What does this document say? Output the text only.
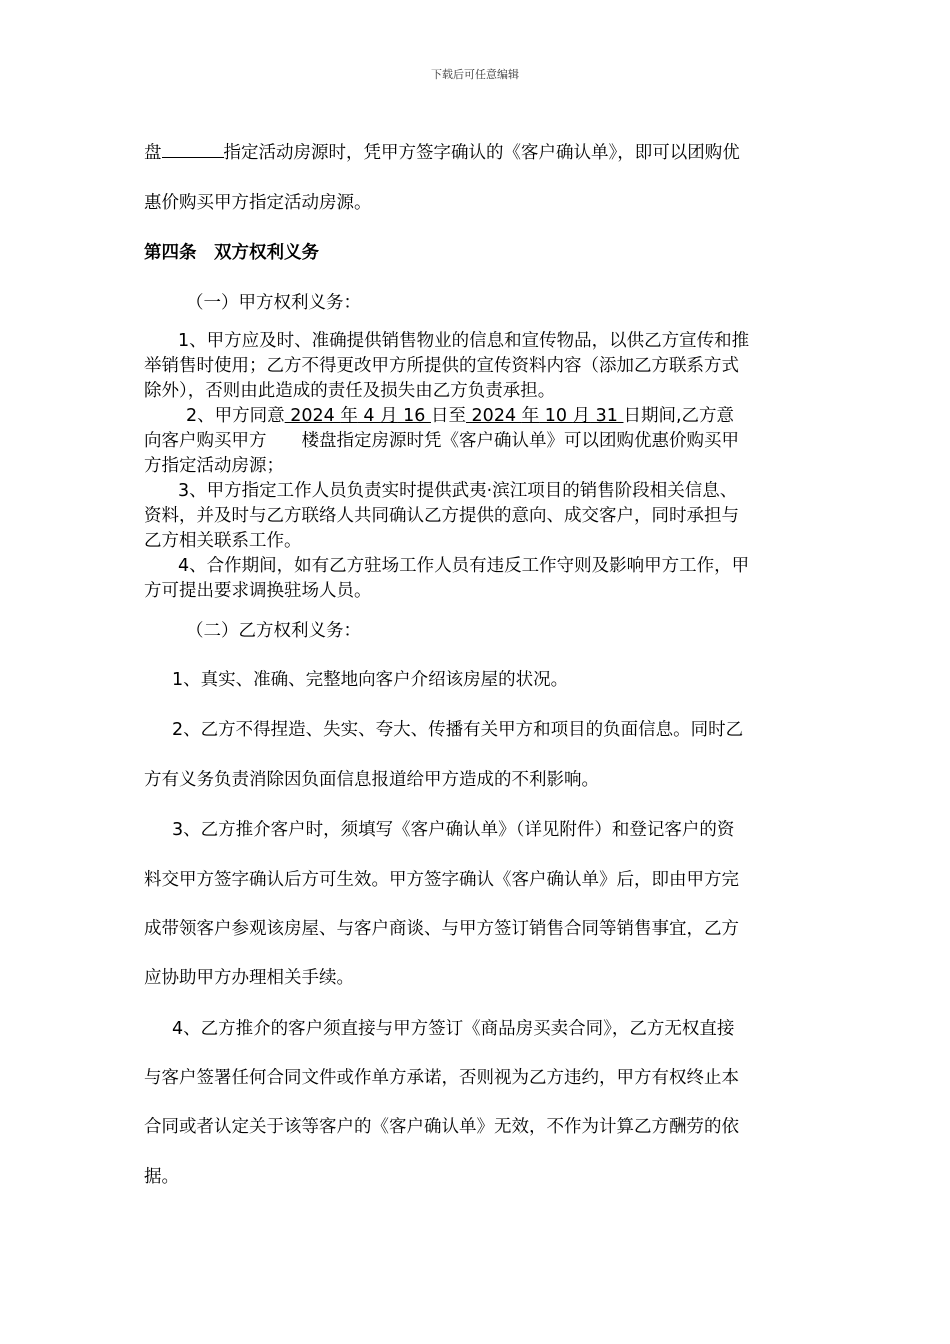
下载后可任意编辑
盘	指定活动房源时，凭甲方签字确认的《客户确认单》，即可以团购优
惠价购买甲方指定活动房源。
第四条　双方权利义务
（一）甲方权利义务：
1、甲方应及时、准确提供销售物业的信息和宣传物品，以供乙方宣传和推
举销售时使用；乙方不得更改甲方所提供的宣传资料内容（添加乙方联系方式
除外），否则由此造成的责任及损失由乙方负责承担。
2、甲方同意 2024 年 4 月 16 日至 2024 年 10 月 31 日期间,乙方意
向客户购买甲方　　楼盘指定房源时凭《客户确认单》可以团购优惠价购买甲
方指定活动房源；
3、甲方指定工作人员负责实时提供武夷·滨江项目的销售阶段相关信息、
资料，并及时与乙方联络人共同确认乙方提供的意向、成交客户，同时承担与
乙方相关联系工作。
4、合作期间，如有乙方驻场工作人员有违反工作守则及影响甲方工作，甲
方可提出要求调换驻场人员。
（二）乙方权利义务：
1、真实、准确、完整地向客户介绍该房屋的状况。
2、乙方不得捏造、失实、夸大、传播有关甲方和项目的负面信息。同时乙
方有义务负责消除因负面信息报道给甲方造成的不利影响。
3、乙方推介客户时，须填写《客户确认单》（详见附件）和登记客户的资
料交甲方签字确认后方可生效。甲方签字确认《客户确认单》后，即由甲方完
成带领客户参观该房屋、与客户商谈、与甲方签订销售合同等销售事宜，乙方
应协助甲方办理相关手续。
4、乙方推介的客户须直接与甲方签订《商品房买卖合同》，乙方无权直接
与客户签署任何合同文件或作单方承诺，否则视为乙方违约，甲方有权终止本
合同或者认定关于该等客户的《客户确认单》无效，不作为计算乙方酬劳的依
据。
